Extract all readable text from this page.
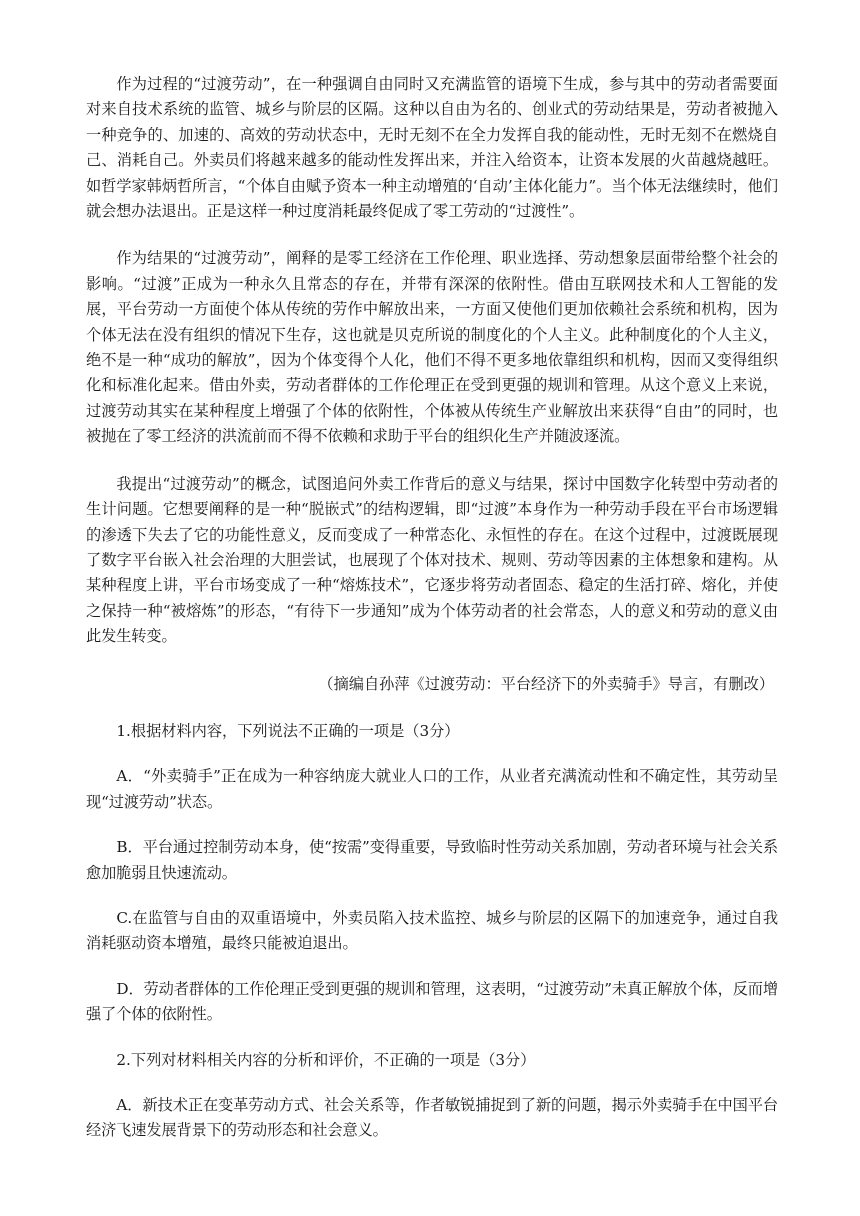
作为过程的“过渡劳动”，在一种强调自由同时又充满监管的语境下生成，参与其中的劳动者需要面对来自技术系统的监管、城乡与阶层的区隔。这种以自由为名的、创业式的劳动结果是，劳动者被抛入一种竞争的、加速的、高效的劳动状态中，无时无刻不在全力发挥自我的能动性，无时无刻不在燃烧自己、消耗自己。外卖员们将越来越多的能动性发挥出来，并注入给资本，让资本发展的火苗越烧越旺。如哲学家韩炳哲所言，“个体自由赋予资本一种主动增殖的‘自动’主体化能力”。当个体无法继续时，他们就会想办法退出。正是这样一种过度消耗最终促成了零工劳动的“过渡性”。

作为结果的“过渡劳动”，阐释的是零工经济在工作伦理、职业选择、劳动想象层面带给整个社会的影响。“过渡”正成为一种永久且常态的存在，并带有深深的依附性。借由互联网技术和人工智能的发展，平台劳动一方面使个体从传统的劳作中解放出来，一方面又使他们更加依赖社会系统和机构，因为个体无法在没有组织的情况下生存，这也就是贝克所说的制度化的个人主义。此种制度化的个人主义，绝不是一种“成功的解放”，因为个体变得个人化，他们不得不更多地依靠组织和机构，因而又变得组织化和标准化起来。借由外卖，劳动者群体的工作伦理正在受到更强的规训和管理。从这个意义上来说，过渡劳动其实在某种程度上增强了个体的依附性，个体被从传统生产业解放出来获得“自由”的同时，也被抛在了零工经济的洪流前而不得不依赖和求助于平台的组织化生产并随波逐流。

我提出“过渡劳动”的概念，试图追问外卖工作背后的意义与结果，探讨中国数字化转型中劳动者的生计问题。它想要阐释的是一种“脱嵌式”的结构逻辑，即“过渡”本身作为一种劳动手段在平台市场逻辑的渗透下失去了它的功能性意义，反而变成了一种常态化、永恒性的存在。在这个过程中，过渡既展现了数字平台嵌入社会治理的大胆尝试，也展现了个体对技术、规则、劳动等因素的主体想象和建构。从某种程度上讲，平台市场变成了一种“熔炼技术”，它逐步将劳动者固态、稳定的生活打碎、熔化，并使之保持一种“被熔炼”的形态，“有待下一步通知”成为个体劳动者的社会常态，人的意义和劳动的意义由此发生转变。

（摘编自孙萍《过渡劳动：平台经济下的外卖骑手》导言，有删改）

1.根据材料内容，下列说法不正确的一项是（3分）

A．“外卖骑手”正在成为一种容纳庞大就业人口的工作，从业者充满流动性和不确定性，其劳动呈现“过渡劳动”状态。

B．平台通过控制劳动本身，使“按需”变得重要，导致临时性劳动关系加剧，劳动者环境与社会关系愈加脆弱且快速流动。

C.在监管与自由的双重语境中，外卖员陷入技术监控、城乡与阶层的区隔下的加速竞争，通过自我消耗驱动资本增殖，最终只能被迫退出。

D．劳动者群体的工作伦理正受到更强的规训和管理，这表明，“过渡劳动”未真正解放个体，反而增强了个体的依附性。

2.下列对材料相关内容的分析和评价，不正确的一项是（3分）

A．新技术正在变革劳动方式、社会关系等，作者敏锐捕捉到了新的问题，揭示外卖骑手在中国平台经济飞速发展背景下的劳动形态和社会意义。
